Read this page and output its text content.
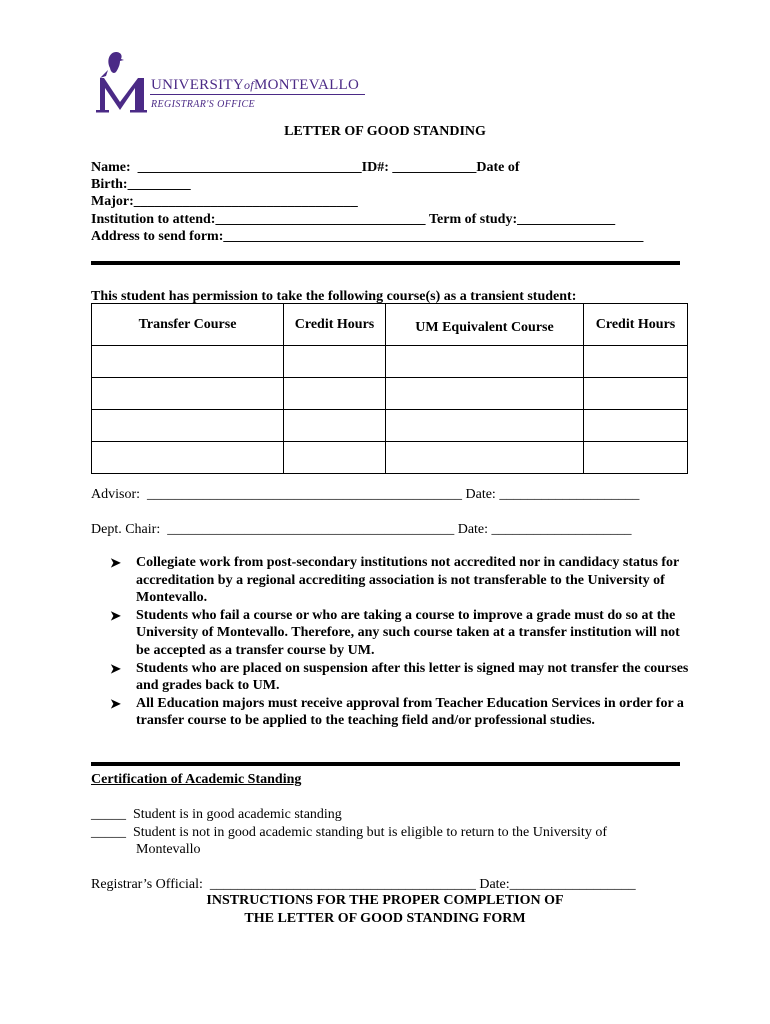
UNIVERSITYofMONTEVALLO
REGISTRAR'S OFFICE
LETTER OF GOOD STANDING
Name: ________________________________ID#: ____________Date of
Birth:_________
Major:________________________________
Institution to attend:______________________________ Term of study:______________
Address to send form:____________________________________________________________
This student has permission to take the following course(s) as a transient student:
Transfer Course	Credit Hours	UM Equivalent Course	Credit Hours

Advisor: _____________________________________________ Date: ____________________
Dept. Chair: _________________________________________ Date: ____________________
➤ Collegiate work from post-secondary institutions not accredited nor in candidacy status for accreditation by a regional accrediting association is not transferable to the University of Montevallo.
➤ Students who fail a course or who are taking a course to improve a grade must do so at the University of Montevallo. Therefore, any such course taken at a transfer institution will not be accepted as a transfer course by UM.
➤ Students who are placed on suspension after this letter is signed may not transfer the courses and grades back to UM.
➤ All Education majors must receive approval from Teacher Education Services in order for a transfer course to be applied to the teaching field and/or professional studies.
Certification of Academic Standing
_____ Student is in good academic standing
_____ Student is not in good academic standing but is eligible to return to the University of
Montevallo
Registrar’s Official: ______________________________________ Date:__________________
INSTRUCTIONS FOR THE PROPER COMPLETION OF
THE LETTER OF GOOD STANDING FORM
